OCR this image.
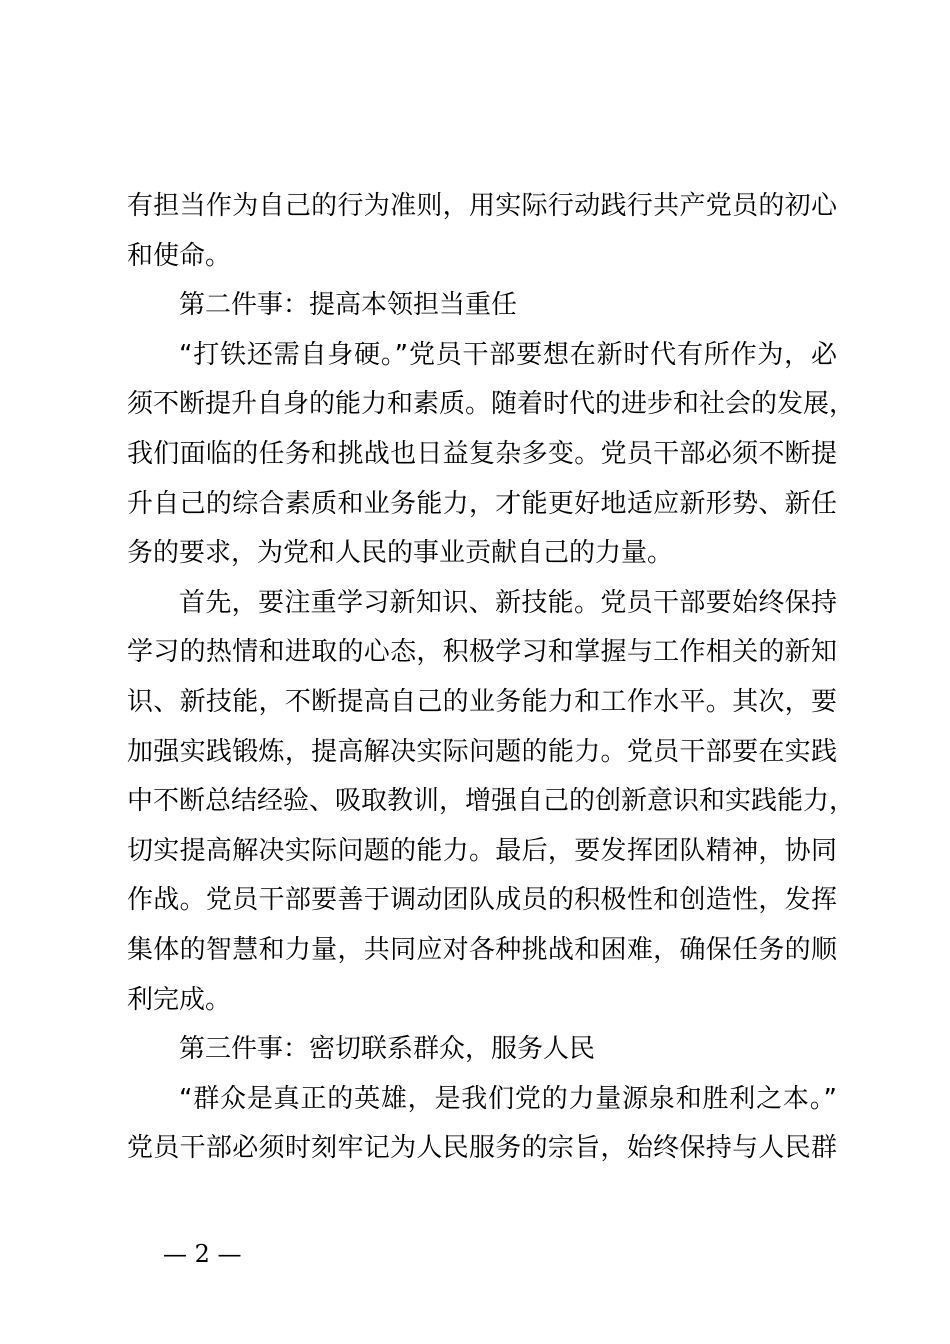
有担当作为自己的行为准则，用实际行动践行共产党员的初心
和使命。
第二件事：提高本领担当重任
“打铁还需自身硬。”党员干部要想在新时代有所作为，必
须不断提升自身的能力和素质。随着时代的进步和社会的发展，
我们面临的任务和挑战也日益复杂多变。党员干部必须不断提
升自己的综合素质和业务能力，才能更好地适应新形势、新任
务的要求，为党和人民的事业贡献自己的力量。
首先，要注重学习新知识、新技能。党员干部要始终保持
学习的热情和进取的心态，积极学习和掌握与工作相关的新知
识、新技能，不断提高自己的业务能力和工作水平。其次，要
加强实践锻炼，提高解决实际问题的能力。党员干部要在实践
中不断总结经验、吸取教训，增强自己的创新意识和实践能力，
切实提高解决实际问题的能力。最后，要发挥团队精神，协同
作战。党员干部要善于调动团队成员的积极性和创造性，发挥
集体的智慧和力量，共同应对各种挑战和困难，确保任务的顺
利完成。
第三件事：密切联系群众，服务人民
“群众是真正的英雄，是我们党的力量源泉和胜利之本。”
党员干部必须时刻牢记为人民服务的宗旨，始终保持与人民群
— 2 —
